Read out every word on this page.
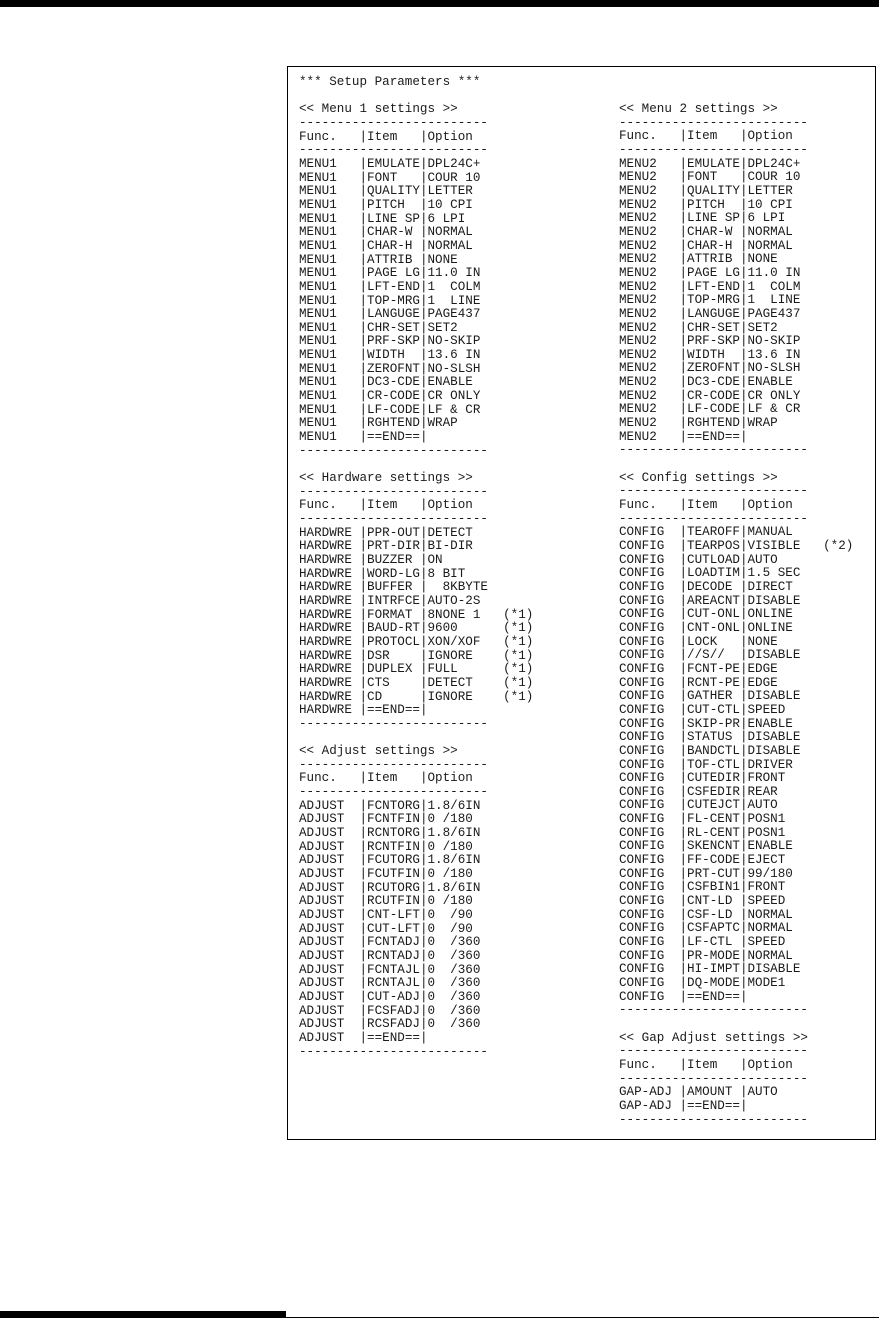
*** Setup Parameters ***

<< Menu 1 settings >>
-------------------------
Func.   |Item   |Option
-------------------------
MENU1   |EMULATE|DPL24C+
MENU1   |FONT   |COUR 10
MENU1   |QUALITY|LETTER
MENU1   |PITCH  |10 CPI
MENU1   |LINE SP|6 LPI
MENU1   |CHAR-W |NORMAL
MENU1   |CHAR-H |NORMAL
MENU1   |ATTRIB |NONE
MENU1   |PAGE LG|11.0 IN
MENU1   |LFT-END|1  COLM
MENU1   |TOP-MRG|1  LINE
MENU1   |LANGUGE|PAGE437
MENU1   |CHR-SET|SET2
MENU1   |PRF-SKP|NO-SKIP
MENU1   |WIDTH  |13.6 IN
MENU1   |ZEROFNT|NO-SLSH
MENU1   |DC3-CDE|ENABLE
MENU1   |CR-CODE|CR ONLY
MENU1   |LF-CODE|LF & CR
MENU1   |RGHTEND|WRAP
MENU1   |==END==|
-------------------------

<< Hardware settings >>
-------------------------
Func.   |Item   |Option
-------------------------
HARDWRE |PPR-OUT|DETECT
HARDWRE |PRT-DIR|BI-DIR
HARDWRE |BUZZER |ON
HARDWRE |WORD-LG|8 BIT
HARDWRE |BUFFER |  8KBYTE
HARDWRE |INTRFCE|AUTO-2S
HARDWRE |FORMAT |8NONE 1   (*1)
HARDWRE |BAUD-RT|9600      (*1)
HARDWRE |PROTOCL|XON/XOF   (*1)
HARDWRE |DSR    |IGNORE    (*1)
HARDWRE |DUPLEX |FULL      (*1)
HARDWRE |CTS    |DETECT    (*1)
HARDWRE |CD     |IGNORE    (*1)
HARDWRE |==END==|
-------------------------

<< Adjust settings >>
-------------------------
Func.   |Item   |Option
-------------------------
ADJUST  |FCNTORG|1.8/6IN
ADJUST  |FCNTFIN|0 /180
ADJUST  |RCNTORG|1.8/6IN
ADJUST  |RCNTFIN|0 /180
ADJUST  |FCUTORG|1.8/6IN
ADJUST  |FCUTFIN|0 /180
ADJUST  |RCUTORG|1.8/6IN
ADJUST  |RCUTFIN|0 /180
ADJUST  |CNT-LFT|0  /90
ADJUST  |CUT-LFT|0  /90
ADJUST  |FCNTADJ|0  /360
ADJUST  |RCNTADJ|0  /360
ADJUST  |FCNTAJL|0  /360
ADJUST  |RCNTAJL|0  /360
ADJUST  |CUT-ADJ|0  /360
ADJUST  |FCSFADJ|0  /360
ADJUST  |RCSFADJ|0  /360
ADJUST  |==END==|
-------------------------

<< Menu 2 settings >>
-------------------------
Func.   |Item   |Option
-------------------------
MENU2   |EMULATE|DPL24C+
MENU2   |FONT   |COUR 10
MENU2   |QUALITY|LETTER
MENU2   |PITCH  |10 CPI
MENU2   |LINE SP|6 LPI
MENU2   |CHAR-W |NORMAL
MENU2   |CHAR-H |NORMAL
MENU2   |ATTRIB |NONE
MENU2   |PAGE LG|11.0 IN
MENU2   |LFT-END|1  COLM
MENU2   |TOP-MRG|1  LINE
MENU2   |LANGUGE|PAGE437
MENU2   |CHR-SET|SET2
MENU2   |PRF-SKP|NO-SKIP
MENU2   |WIDTH  |13.6 IN
MENU2   |ZEROFNT|NO-SLSH
MENU2   |DC3-CDE|ENABLE
MENU2   |CR-CODE|CR ONLY
MENU2   |LF-CODE|LF & CR
MENU2   |RGHTEND|WRAP
MENU2   |==END==|
-------------------------

<< Config settings >>
-------------------------
Func.   |Item   |Option
-------------------------
CONFIG  |TEAROFF|MANUAL
CONFIG  |TEARPOS|VISIBLE   (*2)
CONFIG  |CUTLOAD|AUTO
CONFIG  |LOADTIM|1.5 SEC
CONFIG  |DECODE |DIRECT
CONFIG  |AREACNT|DISABLE
CONFIG  |CUT-ONL|ONLINE
CONFIG  |CNT-ONL|ONLINE
CONFIG  |LOCK   |NONE
CONFIG  |//S//  |DISABLE
CONFIG  |FCNT-PE|EDGE
CONFIG  |RCNT-PE|EDGE
CONFIG  |GATHER |DISABLE
CONFIG  |CUT-CTL|SPEED
CONFIG  |SKIP-PR|ENABLE
CONFIG  |STATUS |DISABLE
CONFIG  |BANDCTL|DISABLE
CONFIG  |TOF-CTL|DRIVER
CONFIG  |CUTEDIR|FRONT
CONFIG  |CSFEDIR|REAR
CONFIG  |CUTEJCT|AUTO
CONFIG  |FL-CENT|POSN1
CONFIG  |RL-CENT|POSN1
CONFIG  |SKENCNT|ENABLE
CONFIG  |FF-CODE|EJECT
CONFIG  |PRT-CUT|99/180
CONFIG  |CSFBIN1|FRONT
CONFIG  |CNT-LD |SPEED
CONFIG  |CSF-LD |NORMAL
CONFIG  |CSFAPTC|NORMAL
CONFIG  |LF-CTL |SPEED
CONFIG  |PR-MODE|NORMAL
CONFIG  |HI-IMPT|DISABLE
CONFIG  |DQ-MODE|MODE1
CONFIG  |==END==|
-------------------------

<< Gap Adjust settings >>
-------------------------
Func.   |Item   |Option
-------------------------
GAP-ADJ |AMOUNT |AUTO
GAP-ADJ |==END==|
-------------------------
